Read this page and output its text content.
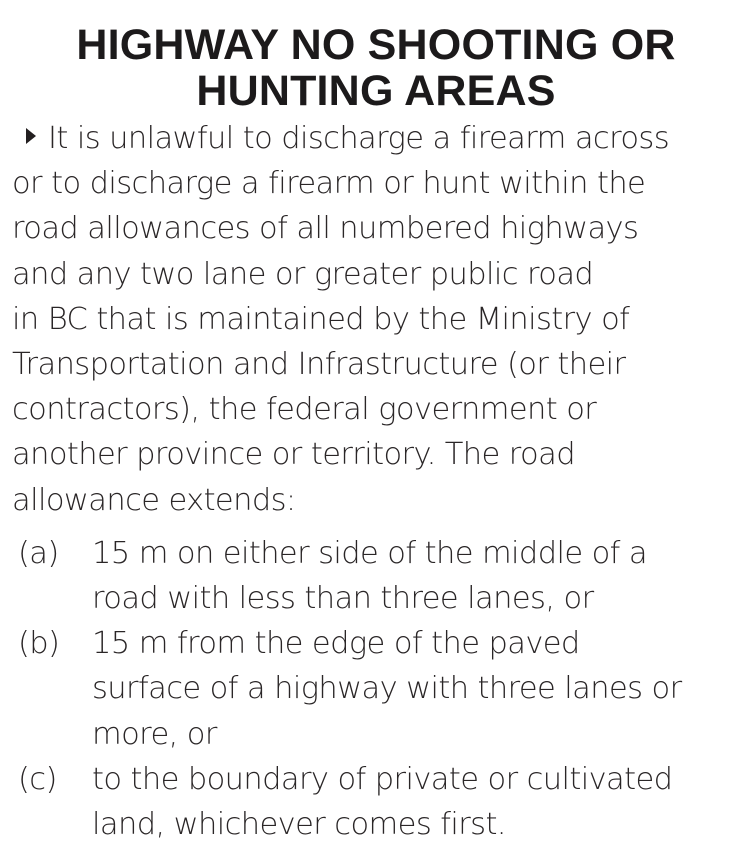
HIGHWAY NO SHOOTING OR
HUNTING AREAS
It is unlawful to discharge a firearm across
or to discharge a firearm or hunt within the
road allowances of all numbered highways
and any two lane or greater public road
in BC that is maintained by the Ministry of
Transportation and Infrastructure (or their
contractors), the federal government or
another province or territory. The road
allowance extends:
(a)	15 m on either side of the middle of a
road with less than three lanes, or
(b)	15 m from the edge of the paved
surface of a highway with three lanes or
more, or
(c)	to the boundary of private or cultivated
land, whichever comes first.
